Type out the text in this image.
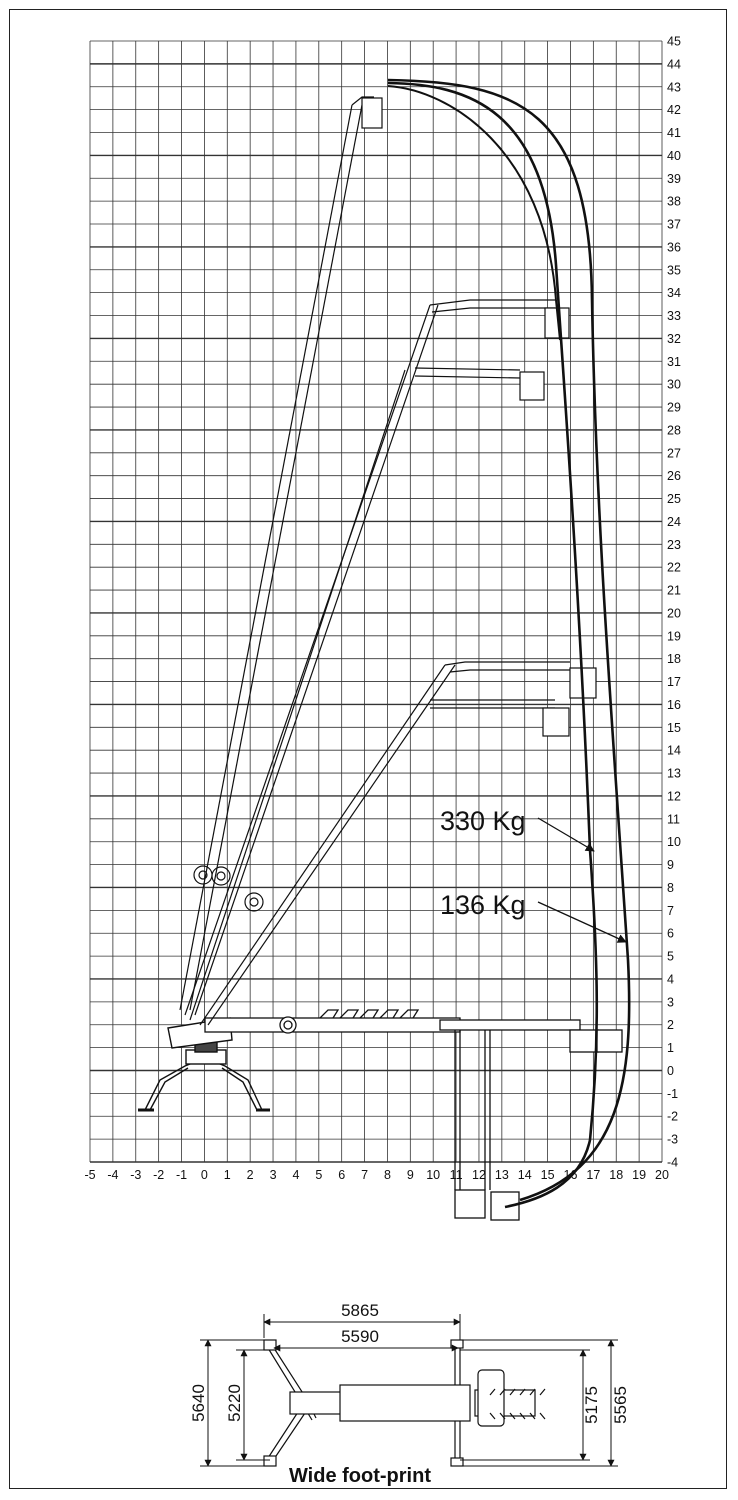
-5 -4 -3 -2 -1 0 1 2 3 4 5 6 7 8 9 10 11 12 13 14 15 16 17 18 19 20
-4
-3
-2
-1
0
1
2
3
4
5
6
7
8
9
10
11
12
13
14
15
16
17
18
19
20
21
22
23
24
25
26
27
28
29
30
31
32
33
34
35
36
37
38
39
40
41
42
43
44
45
330 Kg
136 Kg
5865
5590
5640 5220	5175 5565
Wide foot-print
